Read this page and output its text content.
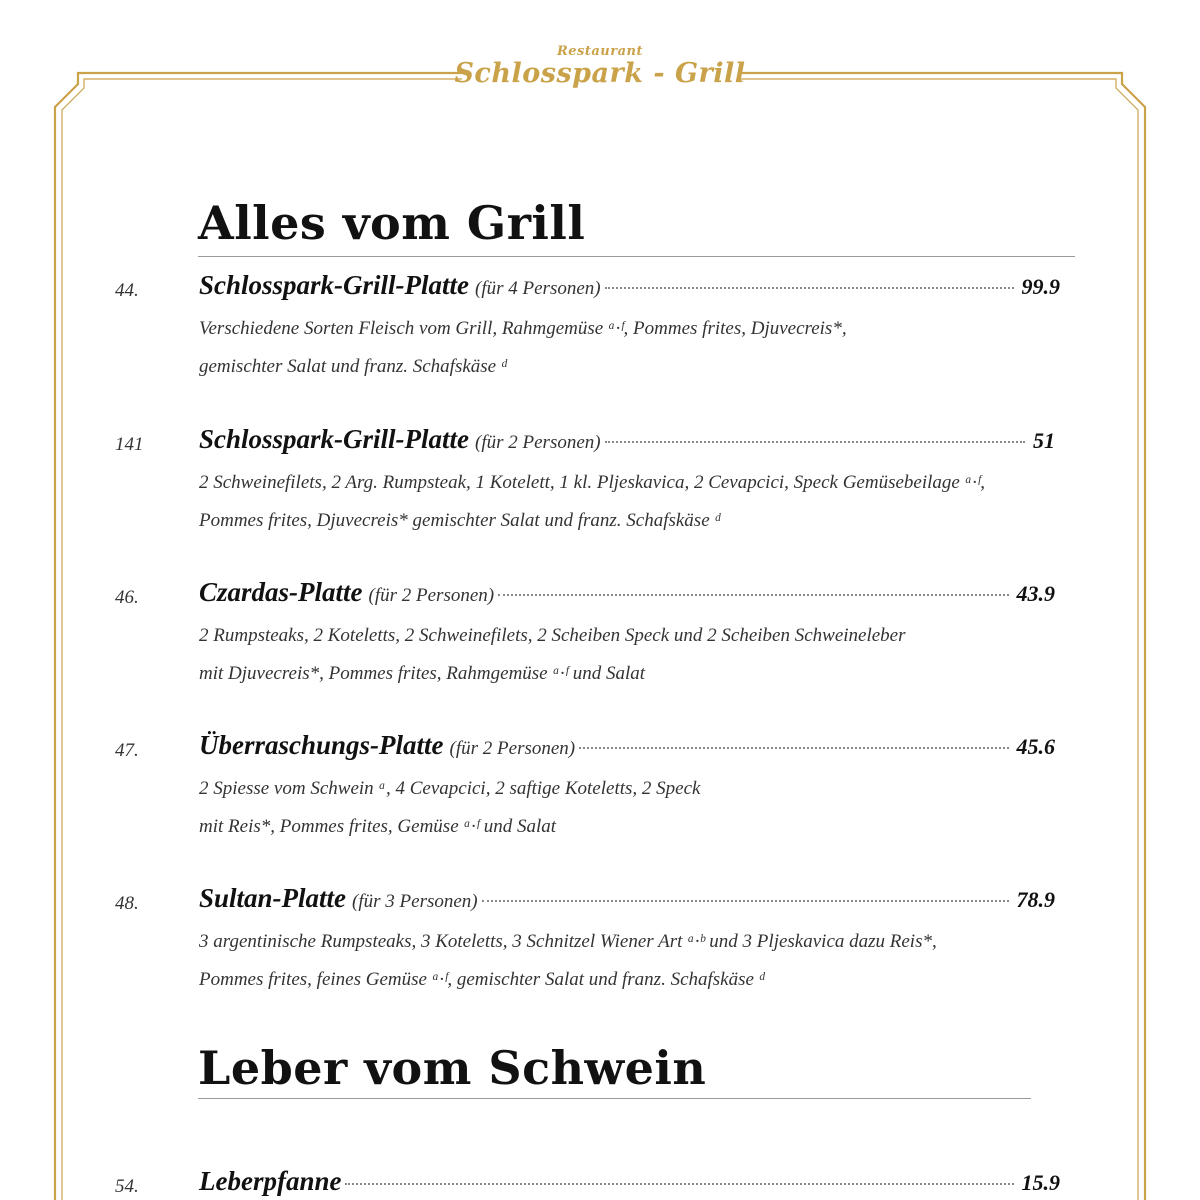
Restaurant
Schlosspark - Grill
Alles vom Grill
44. Schlosspark-Grill-Platte (für 4 Personen)	99.9
Verschiedene Sorten Fleisch vom Grill, Rahmgemüse ᵃ·ᶠ, Pommes frites, Djuvecreis*,
gemischter Salat und franz. Schafskäse ᵈ
141 Schlosspark-Grill-Platte (für 2 Personen)	51
2 Schweinefilets, 2 Arg. Rumpsteak, 1 Kotelett, 1 kl. Pljeskavica, 2 Cevapcici, Speck Gemüsebeilage ᵃ·ᶠ,
Pommes frites, Djuvecreis* gemischter Salat und franz. Schafskäse ᵈ
46. Czardas-Platte (für 2 Personen)	43.9
2 Rumpsteaks, 2 Koteletts, 2 Schweinefilets, 2 Scheiben Speck und 2 Scheiben Schweineleber
mit Djuvecreis*, Pommes frites, Rahmgemüse ᵃ·ᶠ und Salat
47. Überraschungs-Platte (für 2 Personen)	45.6
2 Spiesse vom Schwein ᵃ, 4 Cevapcici, 2 saftige Koteletts, 2 Speck
mit Reis*, Pommes frites, Gemüse ᵃ·ᶠ und Salat
48. Sultan-Platte (für 3 Personen)	78.9
3 argentinische Rumpsteaks, 3 Koteletts, 3 Schnitzel Wiener Art ᵃ·ᵇ und 3 Pljeskavica dazu Reis*,
Pommes frites, feines Gemüse ᵃ·ᶠ, gemischter Salat und franz. Schafskäse ᵈ
Leber vom Schwein
54. Leberpfanne	15.9
